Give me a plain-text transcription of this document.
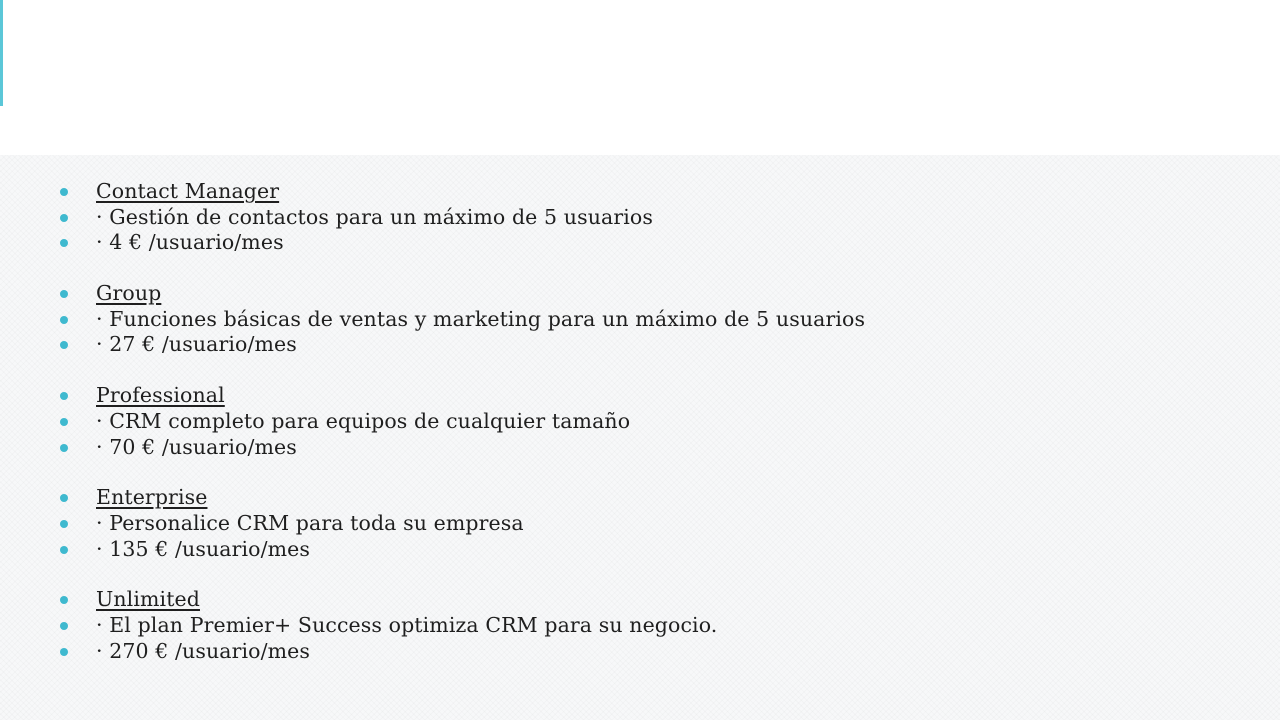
Contact Manager
· Gestión de contactos para un máximo de 5 usuarios
· 4 € /usuario/mes
Group
· Funciones básicas de ventas y marketing para un máximo de 5 usuarios
· 27 € /usuario/mes
Professional
· CRM completo para equipos de cualquier tamaño
· 70 € /usuario/mes
Enterprise
· Personalice CRM para toda su empresa
· 135 € /usuario/mes
Unlimited
· El plan Premier+ Success optimiza CRM para su negocio.
· 270 € /usuario/mes
